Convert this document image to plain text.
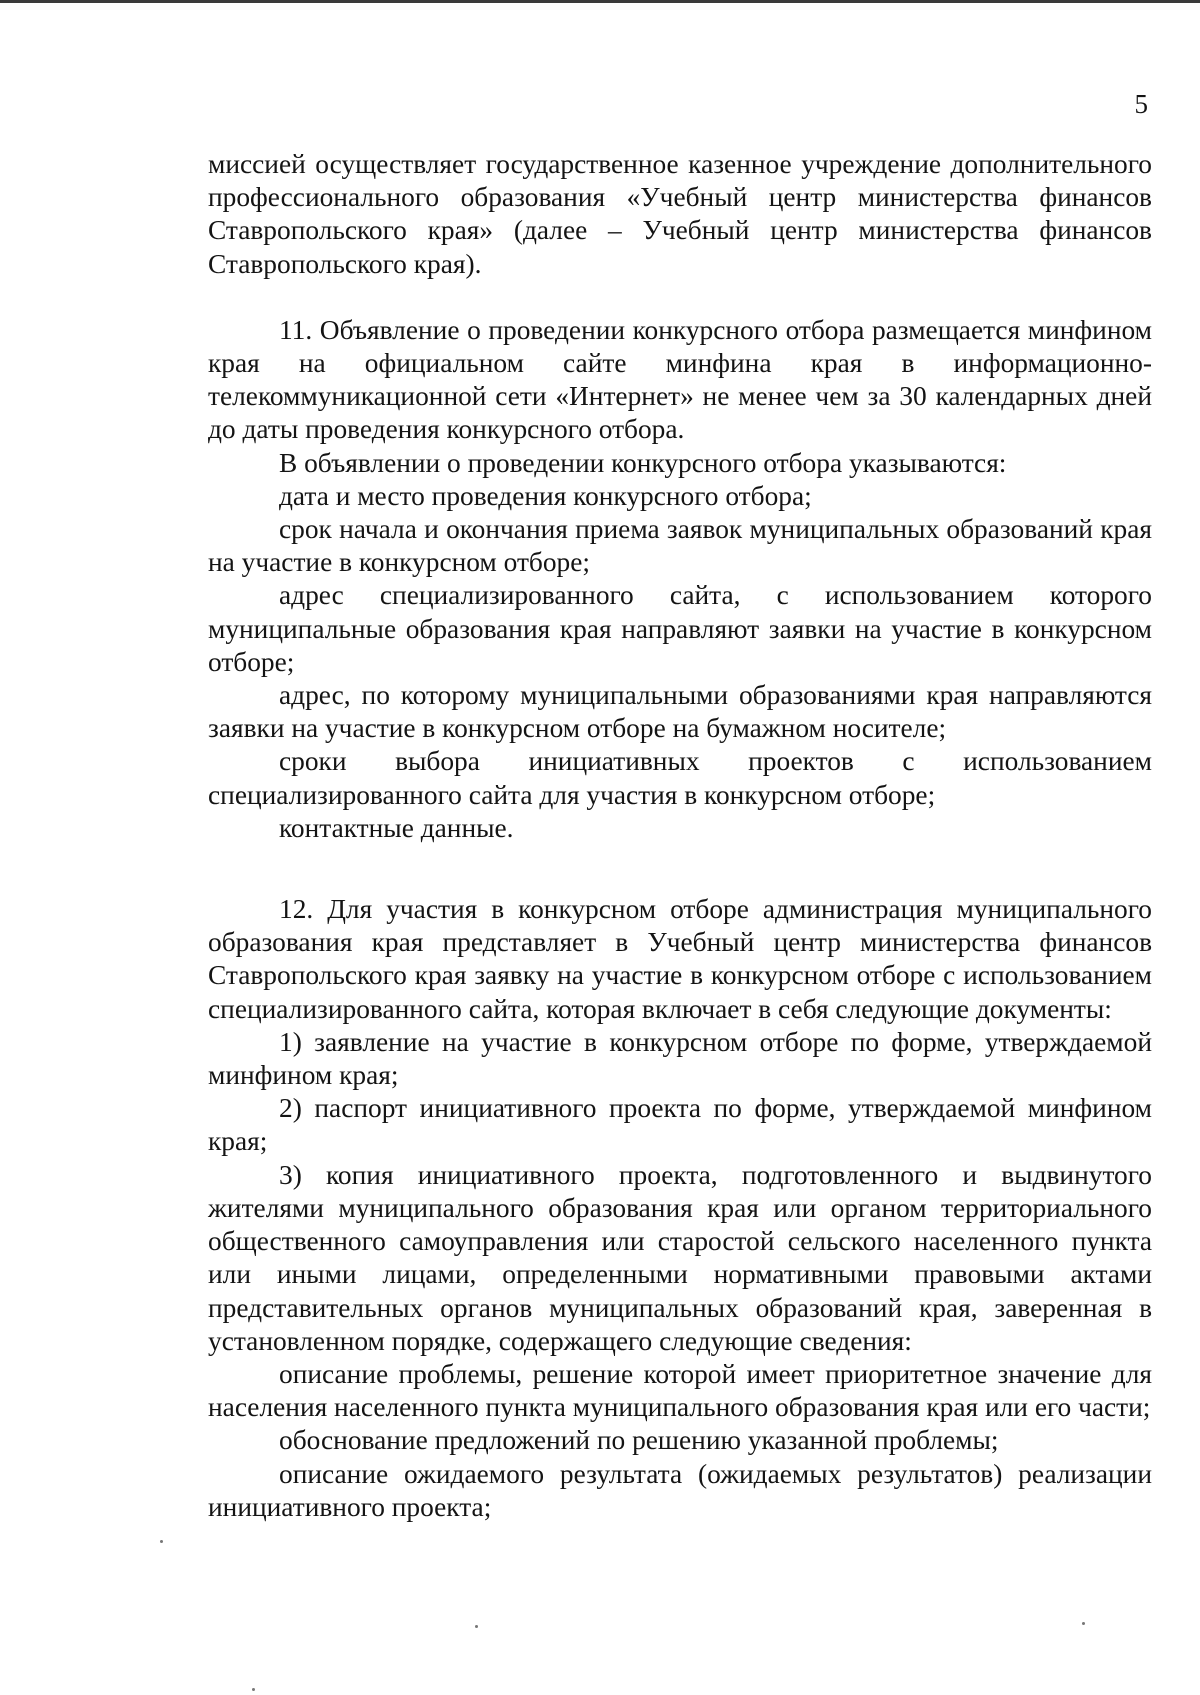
5

миссией осуществляет государственное казенное учреждение дополнительного профессионального образования «Учебный центр министерства финансов Ставропольского края» (далее – Учебный центр министерства финансов Ставропольского края).

11. Объявление о проведении конкурсного отбора размещается минфином края на официальном сайте минфина края в информационно-телекоммуникационной сети «Интернет» не менее чем за 30 календарных дней до даты проведения конкурсного отбора.

В объявлении о проведении конкурсного отбора указываются:

дата и место проведения конкурсного отбора;

срок начала и окончания приема заявок муниципальных образований края на участие в конкурсном отборе;

адрес специализированного сайта, с использованием которого муниципальные образования края направляют заявки на участие в конкурсном отборе;

адрес, по которому муниципальными образованиями края направляются заявки на участие в конкурсном отборе на бумажном носителе;

сроки выбора инициативных проектов с использованием специализированного сайта для участия в конкурсном отборе;

контактные данные.

12. Для участия в конкурсном отборе администрация муниципального образования края представляет в Учебный центр министерства финансов Ставропольского края заявку на участие в конкурсном отборе с использованием специализированного сайта, которая включает в себя следующие документы:

1) заявление на участие в конкурсном отборе по форме, утверждаемой минфином края;

2) паспорт инициативного проекта по форме, утверждаемой минфином края;

3) копия инициативного проекта, подготовленного и выдвинутого жителями муниципального образования края или органом территориального общественного самоуправления или старостой сельского населенного пункта или иными лицами, определенными нормативными правовыми актами представительных органов муниципальных образований края, заверенная в установленном порядке, содержащего следующие сведения:

описание проблемы, решение которой имеет приоритетное значение для населения населенного пункта муниципального образования края или его части;

обоснование предложений по решению указанной проблемы;

описание ожидаемого результата (ожидаемых результатов) реализации инициативного проекта;
